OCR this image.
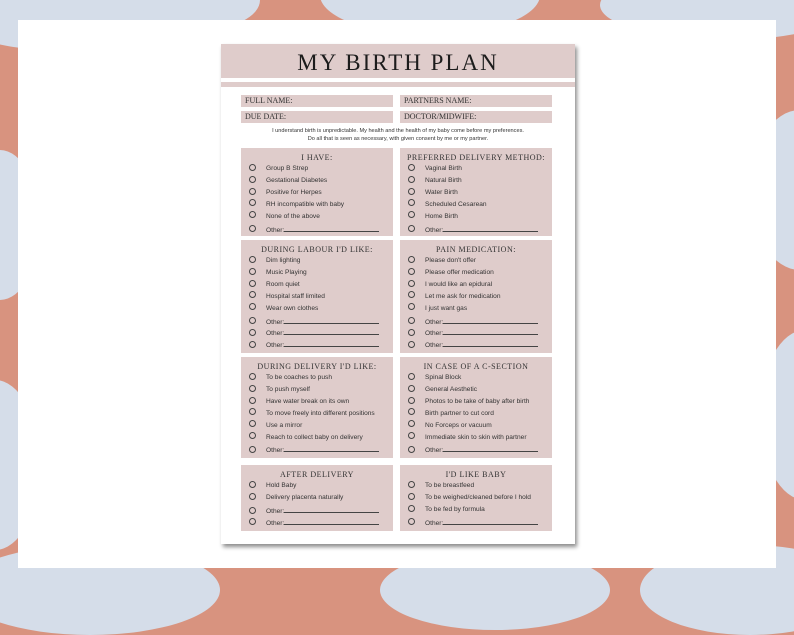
MY BIRTH PLAN
FULL NAME:	PARTNERS NAME:
DUE DATE:	DOCTOR/MIDWIFE:
I understand birth is unpredictable. My health and the health of my baby come before my preferences.
Do all that is seen as necessary, with given consent by me or my partner.
I HAVE:
Group B Strep
Gestational Diabetes
Positive for Herpes
RH incompatible with baby
None of the above
Other:
PREFERRED DELIVERY METHOD:
Vaginal Birth
Natural Birth
Water Birth
Scheduled Cesarean
Home Birth
Other:
DURING LABOUR I'D LIKE:
Dim lighting
Music Playing
Room quiet
Hospital staff limited
Wear own clothes
Other:
Other:
Other:
PAIN MEDICATION:
Please don't offer
Please offer medication
I would like an epidural
Let me ask for medication
I just want gas
Other:
Other:
Other:
DURING DELIVERY I'D LIKE:
To be coaches to push
To push myself
Have water break on its own
To move freely into different positions
Use a mirror
Reach to collect baby on delivery
Other:
IN CASE OF A C-SECTION
Spinal Block
General Aesthetic
Photos to be take of baby after birth
Birth partner to cut cord
No Forceps or vacuum
Immediate skin to skin with partner
Other:
AFTER DELIVERY
Hold Baby
Delivery placenta naturally
Other:
Other:
I'D LIKE BABY
To be breastfeed
To be weighed/cleaned before I hold
To be fed by formula
Other:
